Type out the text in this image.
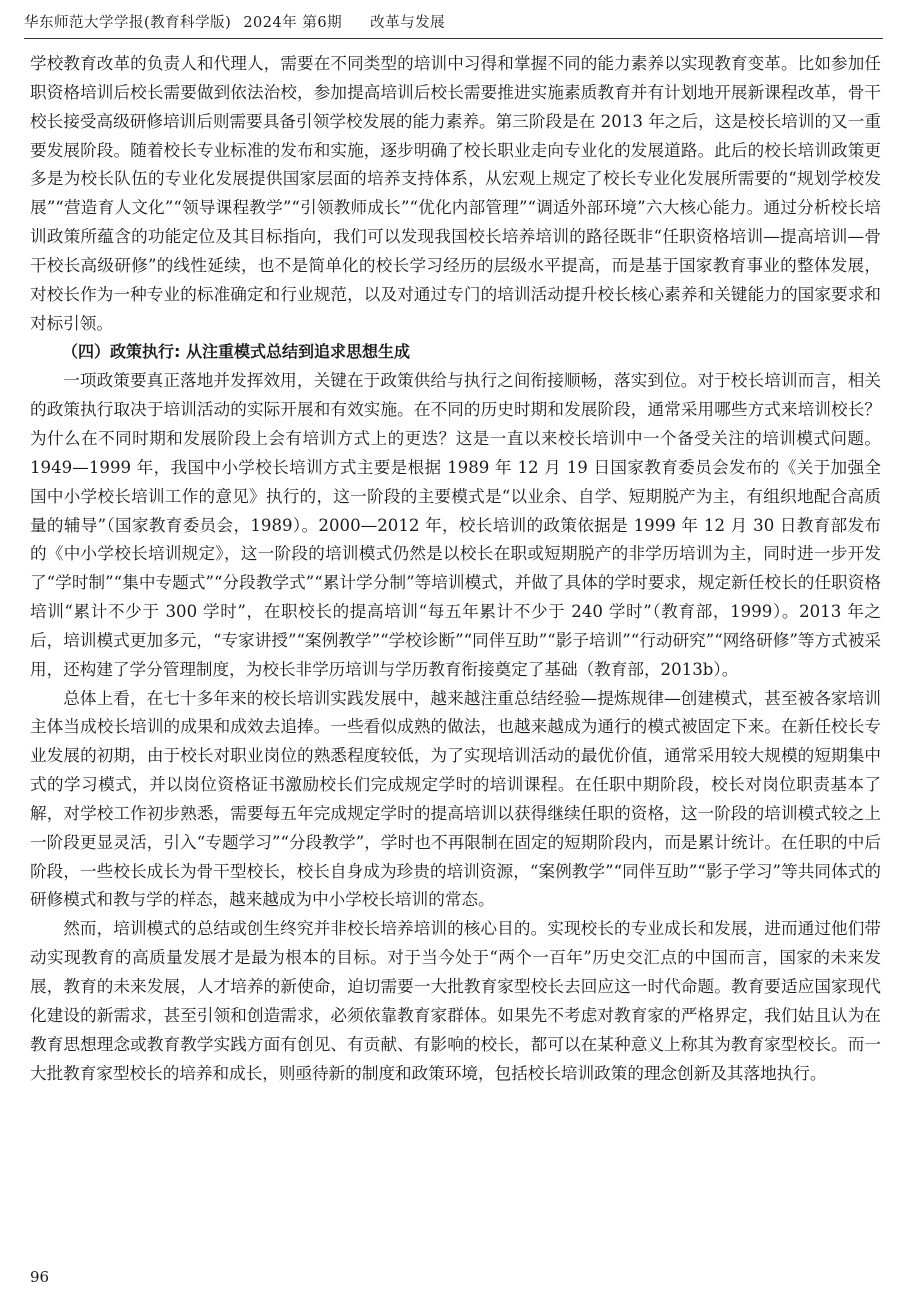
华东师范大学学报(教育科学版) 2024年 第6期 改革与发展

学校教育改革的负责人和代理人，需要在不同类型的培训中习得和掌握不同的能力素养以实现教育变革。比如参加任职资格培训后校长需要做到依法治校，参加提高培训后校长需要推进实施素质教育并有计划地开展新课程改革，骨干校长接受高级研修培训后则需要具备引领学校发展的能力素养。第三阶段是在 2013 年之后，这是校长培训的又一重要发展阶段。随着校长专业标准的发布和实施，逐步明确了校长职业走向专业化的发展道路。此后的校长培训政策更多是为校长队伍的专业化发展提供国家层面的培养支持体系，从宏观上规定了校长专业化发展所需要的“规划学校发展”“营造育人文化”“领导课程教学”“引领教师成长”“优化内部管理”“调适外部环境”六大核心能力。通过分析校长培训政策所蕴含的功能定位及其目标指向，我们可以发现我国校长培养培训的路径既非“任职资格培训—提高培训—骨干校长高级研修”的线性延续，也不是简单化的校长学习经历的层级水平提高，而是基于国家教育事业的整体发展，对校长作为一种专业的标准确定和行业规范，以及对通过专门的培训活动提升校长核心素养和关键能力的国家要求和对标引领。

（四）政策执行: 从注重模式总结到追求思想生成

一项政策要真正落地并发挥效用，关键在于政策供给与执行之间衔接顺畅，落实到位。对于校长培训而言，相关的政策执行取决于培训活动的实际开展和有效实施。在不同的历史时期和发展阶段，通常采用哪些方式来培训校长？为什么在不同时期和发展阶段上会有培训方式上的更迭？这是一直以来校长培训中一个备受关注的培训模式问题。1949—1999 年，我国中小学校长培训方式主要是根据 1989 年 12 月 19 日国家教育委员会发布的《关于加强全国中小学校长培训工作的意见》执行的，这一阶段的主要模式是“以业余、自学、短期脱产为主，有组织地配合高质量的辅导”（国家教育委员会，1989）。2000—2012 年，校长培训的政策依据是 1999 年 12 月 30 日教育部发布的《中小学校长培训规定》，这一阶段的培训模式仍然是以校长在职或短期脱产的非学历培训为主，同时进一步开发了“学时制”“集中专题式”“分段教学式”“累计学分制”等培训模式，并做了具体的学时要求，规定新任校长的任职资格培训“累计不少于 300 学时”，在职校长的提高培训“每五年累计不少于 240 学时”（教育部，1999）。2013 年之后，培训模式更加多元，“专家讲授”“案例教学”“学校诊断”“同伴互助”“影子培训”“行动研究”“网络研修”等方式被采用，还构建了学分管理制度，为校长非学历培训与学历教育衔接奠定了基础（教育部，2013b）。

总体上看，在七十多年来的校长培训实践发展中，越来越注重总结经验—提炼规律—创建模式，甚至被各家培训主体当成校长培训的成果和成效去追捧。一些看似成熟的做法，也越来越成为通行的模式被固定下来。在新任校长专业发展的初期，由于校长对职业岗位的熟悉程度较低，为了实现培训活动的最优价值，通常采用较大规模的短期集中式的学习模式，并以岗位资格证书激励校长们完成规定学时的培训课程。在任职中期阶段，校长对岗位职责基本了解，对学校工作初步熟悉，需要每五年完成规定学时的提高培训以获得继续任职的资格，这一阶段的培训模式较之上一阶段更显灵活，引入“专题学习”“分段教学”，学时也不再限制在固定的短期阶段内，而是累计统计。在任职的中后阶段，一些校长成长为骨干型校长，校长自身成为珍贵的培训资源，“案例教学”“同伴互助”“影子学习”等共同体式的研修模式和教与学的样态，越来越成为中小学校长培训的常态。

然而，培训模式的总结或创生终究并非校长培养培训的核心目的。实现校长的专业成长和发展，进而通过他们带动实现教育的高质量发展才是最为根本的目标。对于当今处于“两个一百年”历史交汇点的中国而言，国家的未来发展，教育的未来发展，人才培养的新使命，迫切需要一大批教育家型校长去回应这一时代命题。教育要适应国家现代化建设的新需求，甚至引领和创造需求，必须依靠教育家群体。如果先不考虑对教育家的严格界定，我们姑且认为在教育思想理念或教育教学实践方面有创见、有贡献、有影响的校长，都可以在某种意义上称其为教育家型校长。而一大批教育家型校长的培养和成长，则亟待新的制度和政策环境，包括校长培训政策的理念创新及其落地执行。

96
